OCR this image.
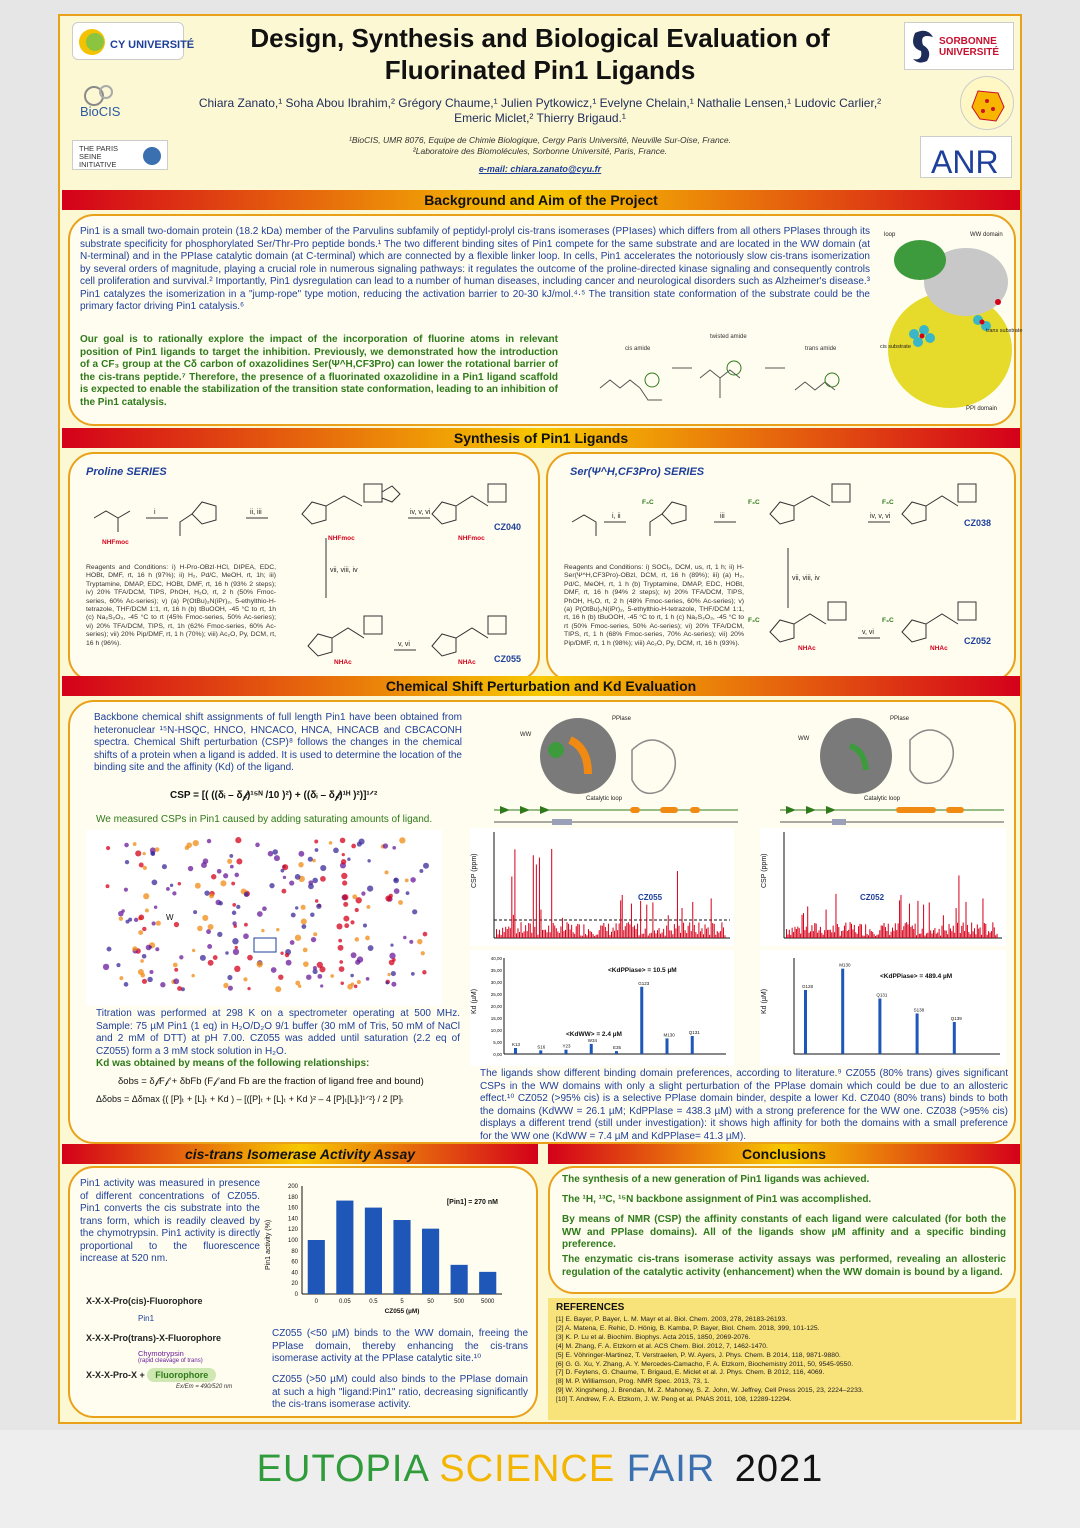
CY UNIVERSITÉ
BioCIS
THE PARIS SEINE INITIATIVE
SORBONNE
UNIVERSITÉ
ANR
Design, Synthesis and Biological Evaluation of
Fluorinated Pin1 Ligands
Chiara Zanato,¹ Soha Abou Ibrahim,² Grégory Chaume,¹ Julien Pytkowicz,¹ Evelyne Chelain,¹ Nathalie Lensen,¹ Ludovic Carlier,² Emeric Miclet,² Thierry Brigaud.¹
¹BioCIS, UMR 8076, Equipe de Chimie Biologique, Cergy Paris Université, Neuville Sur-Oise, France.
²Laboratoire des Biomolécules, Sorbonne Université, Paris, France.
e-mail: chiara.zanato@cyu.fr
Background and Aim of the Project
Pin1 is a small two-domain protein (18.2 kDa) member of the Parvulins subfamily of peptidyl-prolyl cis-trans isomerases (PPIases) which differs from all others PPlases through its substrate specificity for phosphorylated Ser/Thr-Pro peptide bonds.¹ The two different binding sites of Pin1 compete for the same substrate and are located in the WW domain (at N-terminal) and in the PPIase catalytic domain (at C-terminal) which are connected by a flexible linker loop. In cells, Pin1 accelerates the notoriously slow cis-trans isomerization by several orders of magnitude, playing a crucial role in numerous signaling pathways: it regulates the outcome of the proline-directed kinase signaling and consequently controls cell proliferation and survival.² Importantly, Pin1 dysregulation can lead to a number of human diseases, including cancer and neurological disorders such as Alzheimer's disease.³ Pin1 catalyzes the isomerization in a "jump-rope" type motion, reducing the activation barrier to 20-30 kJ/mol.⁴·⁵ The transition state conformation of the substrate could be the primary factor driving Pin1 catalysis.⁶
Our goal is to rationally explore the impact of the incorporation of fluorine atoms in relevant position of Pin1 ligands to target the inhibition. Previously, we demonstrated how the introduction of a CF₃ group at the Cδ carbon of oxazolidines Ser(Ψ^H,CF3Pro) can lower the rotational barrier of the cis-trans peptide.⁷ Therefore, the presence of a fluorinated oxazolidine in a Pin1 ligand scaffold is expected to enable the stabilization of the transition state conformation, leading to an inhibition of the Pin1 catalysis.
cis amide
twisted amide
trans amide
loop	WW domain
trans substrate
cis substrate
PPI domain
Synthesis of Pin1 Ligands
Proline SERIES
i	ii, iii	iv, v, vi
vii, viii, iv
v, vi
CZ040
CZ055
NHFmoc
NHFmoc	NHFmoc
NHAc	NHAc
Reagents and Conditions: i) H-Pro-OBzl·HCl, DIPEA, EDC, HOBt, DMF, rt, 16 h (97%); ii) H₂, Pd/C, MeOH, rt, 1h; iii) Tryptamine, DMAP, EDC, HOBt, DMF, rt, 16 h (93% 2 steps); iv) 20% TFA/DCM, TIPS, PhOH, H₂O, rt, 2 h (50% Fmoc-series, 60% Ac-series); v) (a) P(OtBu)₂N(iPr)₂, 5-ethylthio-H-tetrazole, THF/DCM 1:1, rt, 16 h (b) tBuOOH, -45 °C to rt, 1h (c) Na₂S₂O₃, -45 °C to rt (45% Fmoc-series, 50% Ac-series); vi) 20% TFA/DCM, TIPS, rt, 1h (62% Fmoc-series, 60% Ac-series); vii) 20% Pip/DMF, rt, 1 h (70%); viii) Ac₂O, Py, DCM, rt, 16 h (96%).
Ser(Ψ^H,CF3Pro) SERIES
i, ii	iii	iv, v, vi
vii, viii, iv
v, vi
CZ038
CZ052
F₃C	F₃C	F₃C
F₃C	F₃C
NHAc	NHAc
Reagents and Conditions: i) SOCl₂, DCM, us, rt, 1 h; ii) H-Ser(Ψ^H,CF3Pro)-OBzl, DCM, rt, 16 h (89%); iii) (a) H₂, Pd/C, MeOH, rt, 1 h (b) Tryptamine, DMAP, EDC, HOBt, DMF, rt, 16 h (94% 2 steps); iv) 20% TFA/DCM, TIPS, PhOH, H₂O, rt, 2 h (48% Fmoc-series, 60% Ac-series); v) (a) P(OtBu)₂N(iPr)₂, 5-ethylthio-H-tetrazole, THF/DCM 1:1, rt, 16 h (b) tBuOOH, -45 °C to rt, 1 h (c) Na₂S₂O₃, -45 °C to rt (50% Fmoc-series, 50% Ac-series); vi) 20% TFA/DCM, TIPS, rt, 1 h (68% Fmoc-series, 70% Ac-series); vii) 20% Pip/DMF, rt, 1 h (98%); viii) Ac₂O, Py, DCM, rt, 16 h (93%).
Chemical Shift Perturbation and Kd Evaluation
Backbone chemical shift assignments of full length Pin1 have been obtained from heteronuclear ¹⁵N-HSQC, HNCO, HNCACO, HNCA, HNCACB and CBCACONH spectra. Chemical Shift perturbation (CSP)⁸ follows the changes in the chemical shifts of a protein when a ligand is added. It is used to determine the location of the binding site and the affinity (Kd) of the ligand.
CSP = [( ((δᵢ – δ𝒻)¹⁵ᴺ /10 )²) + ((δᵢ – δ𝒻)¹ᴴ )²)]¹ᐟ²
We measured CSPs in Pin1 caused by adding saturating amounts of ligand.
W
Titration was performed at 298 K on a spectrometer operating at 500 MHz. Sample: 75 µM Pin1 (1 eq) in H₂O/D₂O 9/1 buffer (30 mM of Tris, 50 mM of NaCl and 2 mM of DTT) at pH 7.00. CZ055 was added until saturation (2.2 eq of CZ055) form a 3 mM stock solution in H₂O.
Kd was obtained by means of the following relationships:
δobs = δ𝒻F𝒻 + δbFb (F𝒻 and Fb are the fraction of ligand free and bound)
Δδobs = Δδmax {( [P]ₜ + [L]ₜ + Kd ) – [([P]ₜ + [L]ₜ + Kd )² – 4 [P]ₜ[L]ₜ]¹ᐟ²} / 2 [P]ₜ
WW
PPlase
Catalytic loop
WW
PPlase
Catalytic loop
CSP (ppm)
CZ055
CSP (ppm)
CZ052
Kd (µM)
<KdPPiase> = 10.5 µM
<KdWW> = 2.4 µM
K13	S16	Y23
W34
E35
G123
M130	Q131
0,00
5,00
10,00
15,00
20,00
25,00
30,00
35,00
40,00
Kd (µM)
<KdPPiase> = 489.4 µM
G128
M130
Q131
S138
Q139
The ligands show different binding domain preferences, according to literature.⁹ CZ055 (80% trans) gives significant CSPs in the WW domains with only a slight perturbation of the PPlase domain which could be due to an allosteric effect.¹⁰ CZ052 (>95% cis) is a selective PPlase domain binder, despite a lower Kd. CZ040 (80% trans) binds to both the domains (KdWW = 26.1 µM; KdPPlase = 438.3 µM) with a strong preference for the WW one. CZ038 (>95% cis) displays a different trend (still under investigation): it shows high affinity for both the domains with a small preference for the WW one (KdWW = 7.4 µM and KdPPlase= 41.3 µM).
cis-trans Isomerase Activity Assay
Pin1 activity was measured in presence of different concentrations of CZ055. Pin1 converts the cis substrate into the trans form, which is readily cleaved by the chymotrypsin. Pin1 activity is directly proportional to the fluorescence increase at 520 nm.	Pin1 activity (%)
0
20
40
60
80
100
120
140
160
180
200
0	0.05	0.5	5	50	500	5000
CZ055 (µM)
[Pin1] = 270 nM
X-X-X-Pro(cis)-Fluorophore
Pin1
X-X-X-Pro(trans)-X-Fluorophore
Chymotrypsin
(rapid cleavage of trans)
X-X-X-Pro-X + Fluorophore
Ex/Em = 490/520 nm
CZ055 (<50 µM) binds to the WW domain, freeing the PPlase domain, thereby enhancing the cis-trans isomerase activity at the PPlase catalytic site.¹⁰
CZ055 (>50 µM) could also binds to the PPlase domain at such a high "ligand:Pin1" ratio, decreasing significantly the cis-trans isomerase activity.
Conclusions
The synthesis of a new generation of Pin1 ligands was achieved.
The ¹H, ¹³C, ¹⁵N backbone assignment of Pin1 was accomplished.
By means of NMR (CSP) the affinity constants of each ligand were calculated (for both the WW and PPlase domains). All of the ligands show µM affinity and a specific binding preference.
The enzymatic cis-trans isomerase activity assays was performed, revealing an allosteric regulation of the catalytic activity (enhancement) when the WW domain is bound by a ligand.
REFERENCES
[1] E. Bayer, P. Bayer, L. M. Mayr et al. Biol. Chem. 2003, 278, 26183-26193.
[2] A. Matena, E. Rehic, D. Hönig, B. Kamba, P. Bayer, Biol. Chem. 2018, 399, 101-125.
[3] K. P. Lu et al. Biochim. Biophys. Acta 2015, 1850, 2069-2076.
[4] M. Zhang, F. A. Etzkorn et al. ACS Chem. Biol. 2012, 7, 1462-1470.
[5] E. Vöhringer-Martinez, T. Verstraelen, P. W. Ayers, J. Phys. Chem. B 2014, 118, 9871-9880.
[6] G. G. Xu, Y. Zhang, A. Y. Mercedes-Camacho, F. A. Etzkorn, Biochemistry 2011, 50, 9545-9550.
[7] D. Feytens, G. Chaume, T. Brigaud, E. Miclet et al. J. Phys. Chem. B 2012, 116, 4069.
[8] M. P. Williamson, Prog. NMR Spec. 2013, 73, 1.
[9] W. Xingsheng, J. Brendan, M. Z. Mahoney, S. Z. John, W. Jeffrey, Cell Press 2015, 23, 2224–2233.
[10] T. Andrew, F. A. Etzkorn, J. W. Peng et al. PNAS 2011, 108, 12289-12294.
EUTOPIA SCIENCE FAIR 2021
